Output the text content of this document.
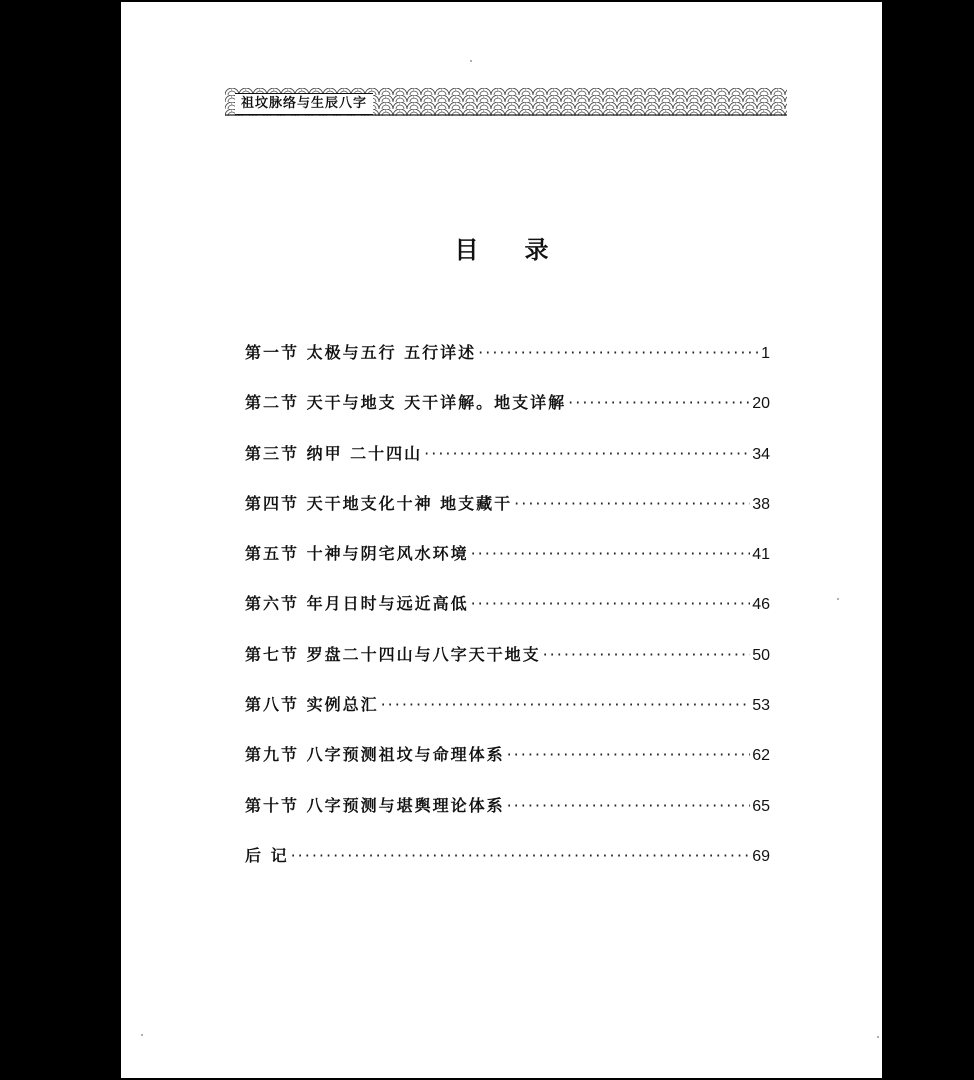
祖坟脉络与生辰八字
目 录
第一节 太极与五行 五行详述 ·····	1
第二节 天干与地支 天干详解。地支详解 ·····	20
第三节 纳甲 二十四山 ·····	34
第四节 天干地支化十神 地支藏干 ·····	38
第五节 十神与阴宅风水环境 ·····	41
第六节 年月日时与远近高低 ·····	46
第七节 罗盘二十四山与八字天干地支 ·····	50
第八节 实例总汇 ·····	53
第九节 八字预测祖坟与命理体系 ·····	62
第十节 八字预测与堪舆理论体系 ·····	65
后 记 ·····	69
